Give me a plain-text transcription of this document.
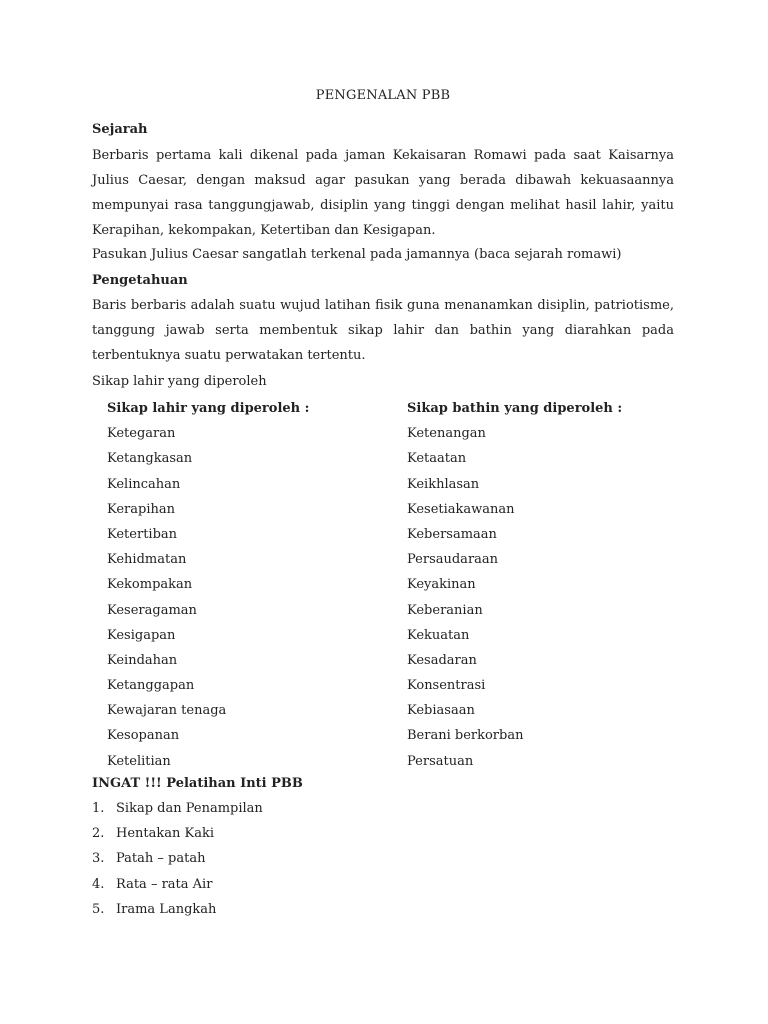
PENGENALAN PBB
Sejarah
Berbaris pertama kali dikenal pada jaman Kekaisaran Romawi pada saat Kaisarnya Julius Caesar, dengan maksud agar pasukan yang berada dibawah kekuasaannya mempunyai rasa tanggungjawab, disiplin yang tinggi dengan melihat hasil lahir, yaitu Kerapihan, kekompakan, Ketertiban dan Kesigapan.
Pasukan Julius Caesar sangatlah terkenal pada jamannya (baca sejarah romawi)
Pengetahuan
Baris berbaris adalah suatu wujud latihan fisik guna menanamkan disiplin, patriotisme, tanggung jawab serta membentuk sikap lahir dan bathin yang diarahkan pada terbentuknya suatu perwatakan tertentu.
Sikap lahir yang diperoleh
Sikap lahir yang diperoleh :
Ketegaran
Ketangkasan
Kelincahan
Kerapihan
Ketertiban
Kehidmatan
Kekompakan
Keseragaman
Kesigapan
Keindahan
Ketanggapan
Kewajaran tenaga
Kesopanan
Ketelitian
Sikap bathin yang diperoleh :
Ketenangan
Ketaatan
Keikhlasan
Kesetiakawanan
Kebersamaan
Persaudaraan
Keyakinan
Keberanian
Kekuatan
Kesadaran
Konsentrasi
Kebiasaan
Berani berkorban
Persatuan
INGAT !!! Pelatihan Inti PBB
1. Sikap dan Penampilan
2. Hentakan Kaki
3. Patah – patah
4. Rata – rata Air
5. Irama Langkah
